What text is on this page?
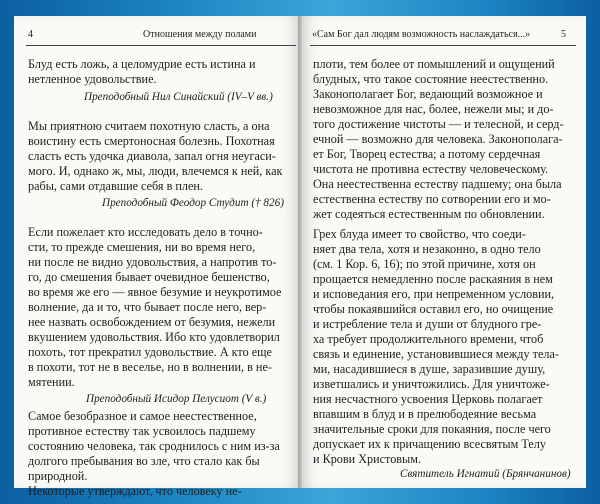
4	Отношения между полами
Блуд есть ложь, а целомудрие есть истина и
нетленное удовольствие.
Преподобный Нил Синайский (IV–V вв.)
Мы приятною считаем похотную сласть, а она
воистину есть смертоносная болезнь. Похотная
сласть есть удочка диавола, запал огня неугаси-
мого. И, однако ж, мы, люди, влечемся к ней, как
рабы, сами отдавшие себя в плен.
Преподобный Феодор Студит († 826)
Если пожелает кто исследовать дело в точно-
сти, то прежде смешения, ни во время него,
ни после не видно удовольствия, а напротив то-
го, до смешения бывает очевидное бешенство,
во время же его — явное безумие и неукротимое
волнение, да и то, что бывает после него, вер-
нее назвать освобождением от безумия, нежели
вкушением удовольствия. Ибо кто удовлетворил
похоть, тот прекратил удовольствие. А кто еще
в похоти, тот не в веселье, но в волнении, в не-
мятении.
Преподобный Исидор Пелусиот (V в.)
Самое безобразное и самое неестественное,
противное естеству так усвоилось падшему
состоянию человека, так сроднилось с ним из-за
долгого пребывания во зле, что стало как бы
природной.
Некоторые утверждают, что человеку не-
«Сам Бог дал людям возможность наслаждаться...»	5
плоти, тем более от помышлений и ощущений
блудных, что такое состояние неестественно.
Законополагает Бог, ведающий возможное и
невозможное для нас, более, нежели мы; и до-
того достижение чистоты — и телесной, и серд-
ечной — возможно для человека. Законополага-
ет Бог, Творец естества; а потому сердечная
чистота не противна естеству человеческому.
Она неестественна естеству падшему; она была
естественна естеству по сотворении его и мо-
жет содеяться естественным по обновлении.
Грех блуда имеет то свойство, что соеди-
няет два тела, хотя и незаконно, в одно тело
(см. 1 Кор. 6, 16); по этой причине, хотя он
прощается немедленно после раскаяния в нем
и исповедания его, при непременном условии,
чтобы покаявшийся оставил его, но очищение
и истребление тела и души от блудного гре-
ха требует продолжительного времени, чтоб
связь и единение, установившиеся между тела-
ми, насадившиеся в душе, заразившие душу,
изветшались и уничтожились. Для уничтоже-
ния несчастного усвоения Церковь полагает
впавшим в блуд и в прелюбодеяние весьма
значительные сроки для покаяния, после чего
допускает их к причащению всесвятым Телу
и Крови Христовым.
Святитель Игнатий (Брянчанинов)
